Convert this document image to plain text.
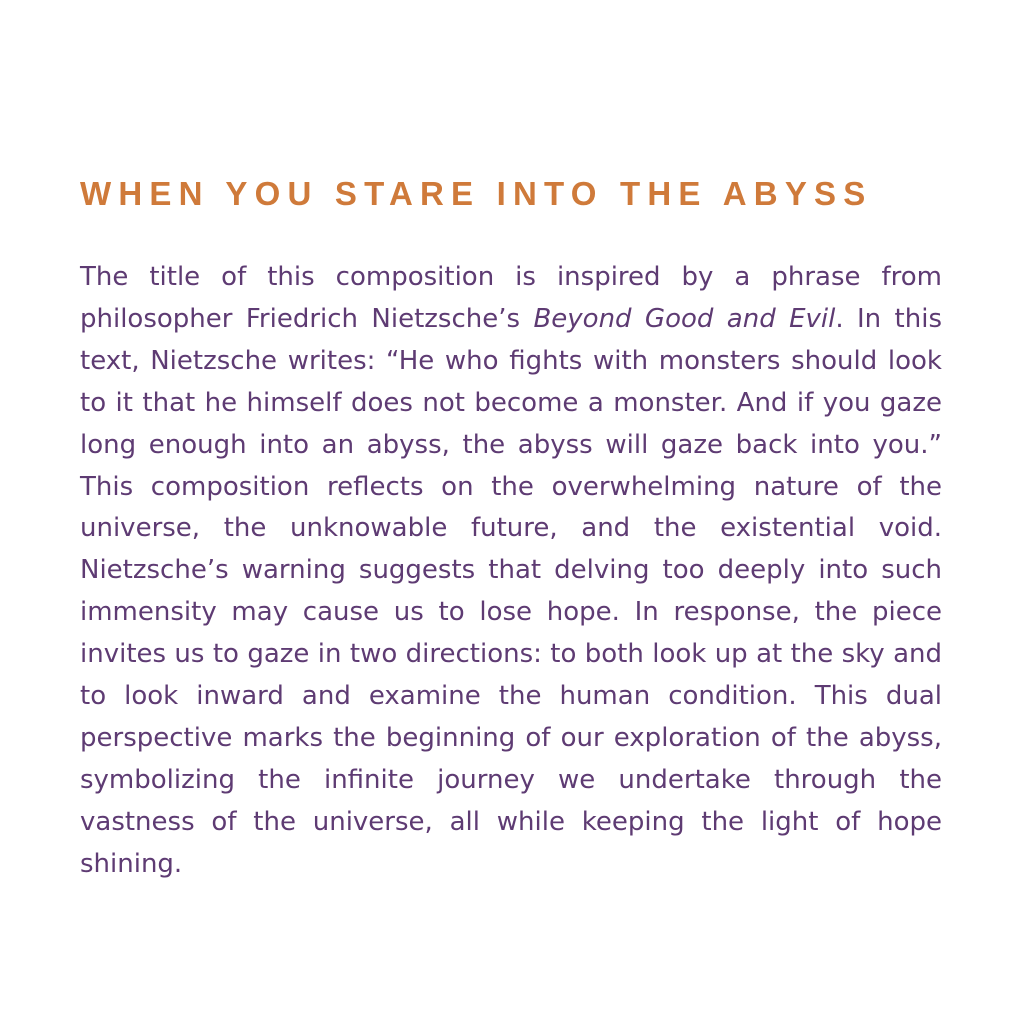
WHEN YOU STARE INTO THE ABYSS

The title of this composition is inspired by a phrase from philosopher Friedrich Nietzsche’s Beyond Good and Evil. In this text, Nietzsche writes: “He who fights with monsters should look to it that he himself does not become a monster. And if you gaze long enough into an abyss, the abyss will gaze back into you.” This composition reflects on the overwhelming nature of the universe, the unknowable future, and the existential void. Nietzsche’s warning suggests that delving too deeply into such immensity may cause us to lose hope. In response, the piece invites us to gaze in two directions: to both look up at the sky and to look inward and examine the human condition. This dual perspective marks the beginning of our exploration of the abyss, symbolizing the infinite journey we undertake through the vastness of the universe, all while keeping the light of hope shining.
